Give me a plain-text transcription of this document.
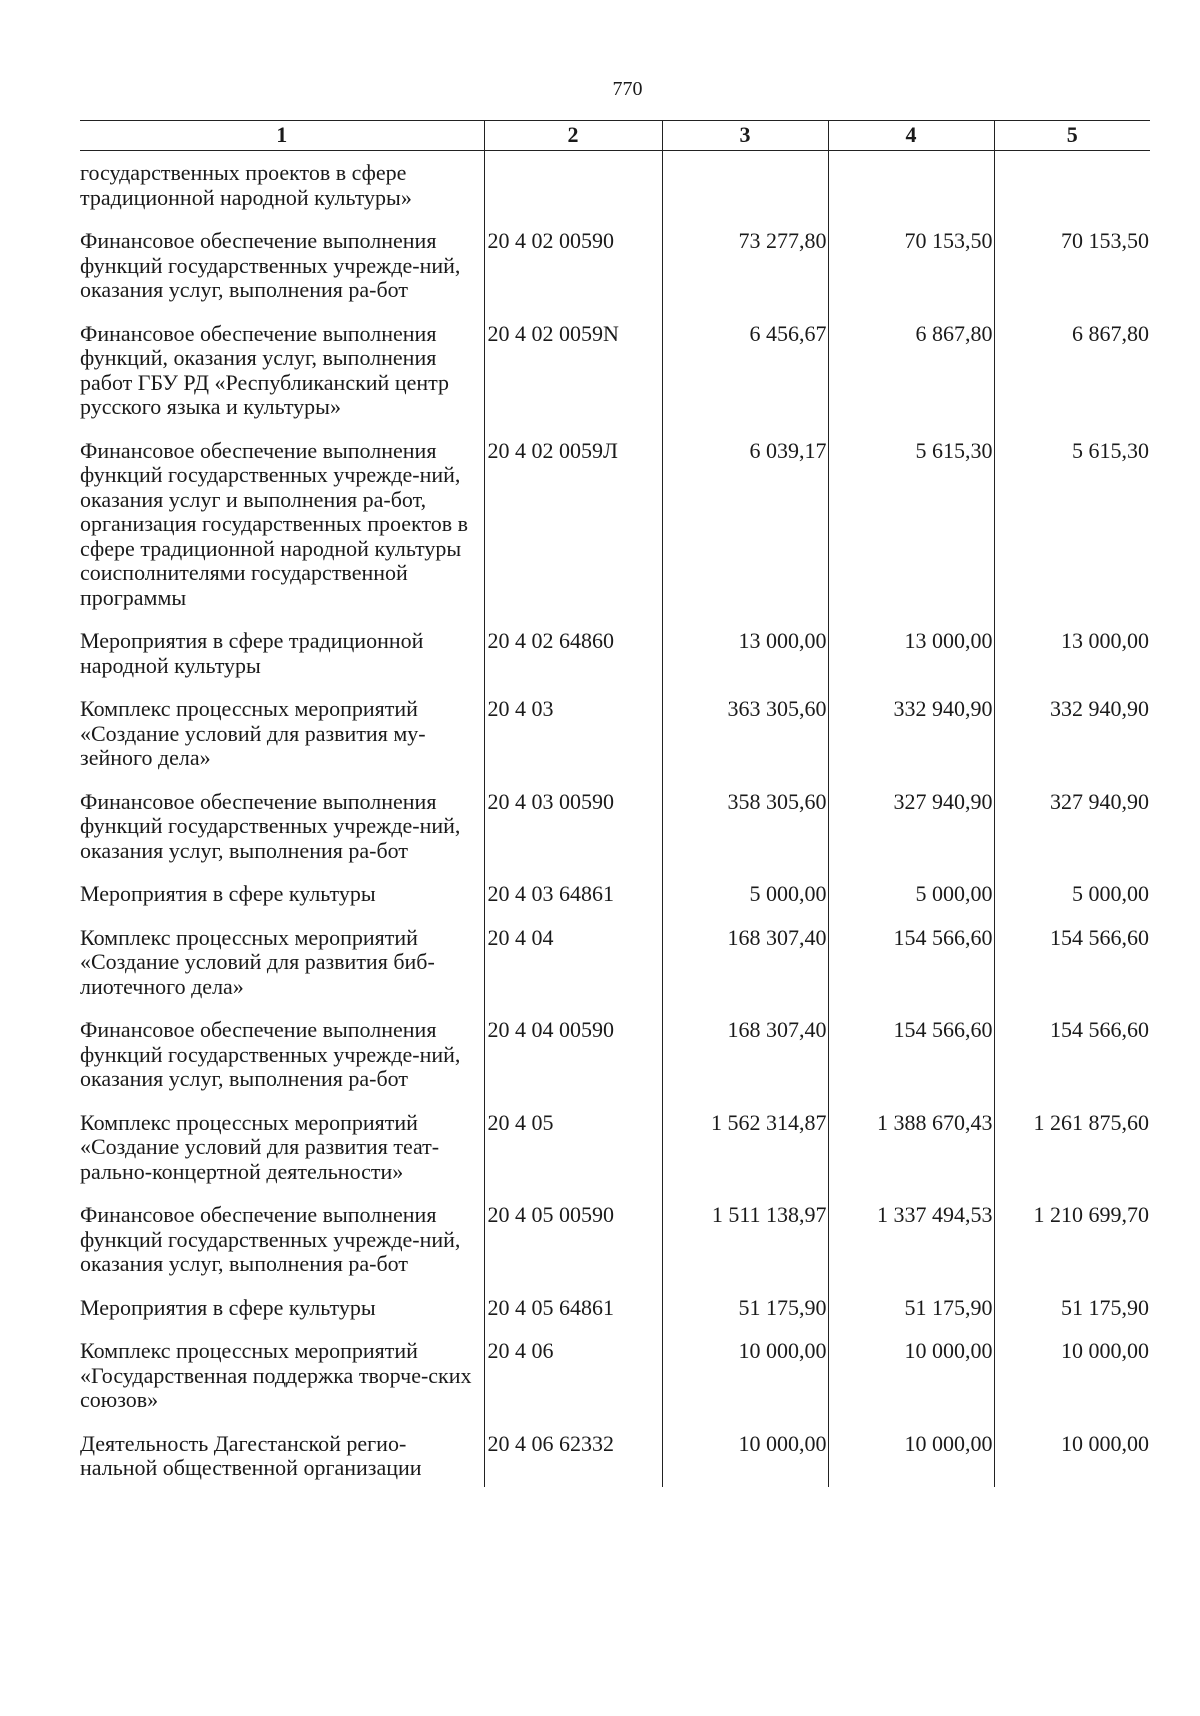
770
1	2	3	4	5
государственных проектов в сфере традиционной народной культуры»				
Финансовое обеспечение выполнения функций государственных учрежде-ний, оказания услуг, выполнения ра-бот	20 4 02 00590	73 277,80	70 153,50	70 153,50
Финансовое обеспечение выполнения функций, оказания услуг, выполнения работ ГБУ РД «Республиканский центр русского языка и культуры»	20 4 02 0059N	6 456,67	6 867,80	6 867,80
Финансовое обеспечение выполнения функций государственных учрежде-ний, оказания услуг и выполнения ра-бот, организация государственных проектов в сфере традиционной народной культуры соисполнителями государственной программы	20 4 02 0059Л	6 039,17	5 615,30	5 615,30
Мероприятия в сфере традиционной народной культуры	20 4 02 64860	13 000,00	13 000,00	13 000,00
Комплекс процессных мероприятий «Создание условий для развития му-зейного дела»	20 4 03	363 305,60	332 940,90	332 940,90
Финансовое обеспечение выполнения функций государственных учрежде-ний, оказания услуг, выполнения ра-бот	20 4 03 00590	358 305,60	327 940,90	327 940,90
Мероприятия в сфере культуры	20 4 03 64861	5 000,00	5 000,00	5 000,00
Комплекс процессных мероприятий «Создание условий для развития биб-лиотечного дела»	20 4 04	168 307,40	154 566,60	154 566,60
Финансовое обеспечение выполнения функций государственных учрежде-ний, оказания услуг, выполнения ра-бот	20 4 04 00590	168 307,40	154 566,60	154 566,60
Комплекс процессных мероприятий «Создание условий для развития теат-рально-концертной деятельности»	20 4 05	1 562 314,87	1 388 670,43	1 261 875,60
Финансовое обеспечение выполнения функций государственных учрежде-ний, оказания услуг, выполнения ра-бот	20 4 05 00590	1 511 138,97	1 337 494,53	1 210 699,70
Мероприятия в сфере культуры	20 4 05 64861	51 175,90	51 175,90	51 175,90
Комплекс процессных мероприятий «Государственная поддержка творче-ских союзов»	20 4 06	10 000,00	10 000,00	10 000,00
Деятельность Дагестанской регио-нальной общественной организации	20 4 06 62332	10 000,00	10 000,00	10 000,00
